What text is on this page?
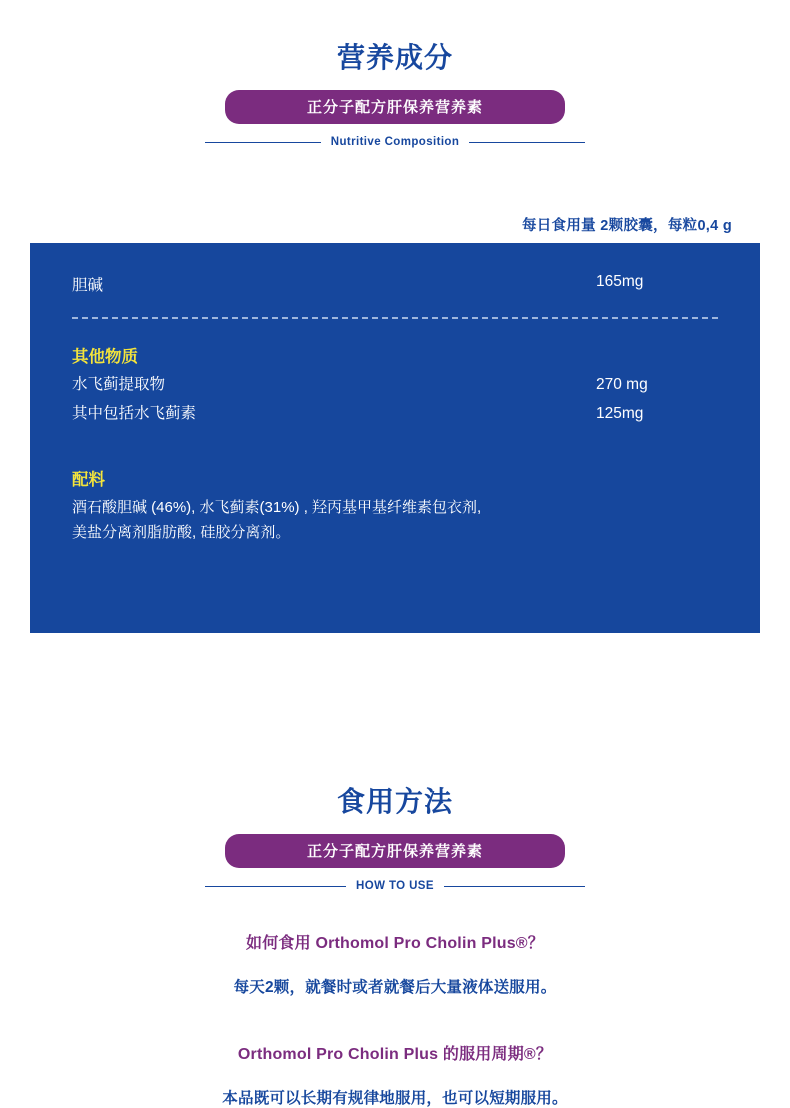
营养成分
正分子配方肝保养营养素
Nutritive Composition
每日食用量 2颗胶囊，每粒0,4 g
胆碱	165mg
其他物质
水飞蓟提取物
其中包括水飞蓟素
270 mg
125mg
配料
酒石酸胆碱 (46%), 水飞蓟素(31%) , 羟丙基甲基纤维素包衣剂,
美盐分离剂脂肪酸, 硅胶分离剂。
食用方法
正分子配方肝保养营养素
HOW TO USE
如何食用 Orthomol Pro Cholin Plus®？
每天2颗，就餐时或者就餐后大量液体送服用。
Orthomol Pro Cholin Plus 的服用周期®？
本品既可以长期有规律地服用，也可以短期服用。
